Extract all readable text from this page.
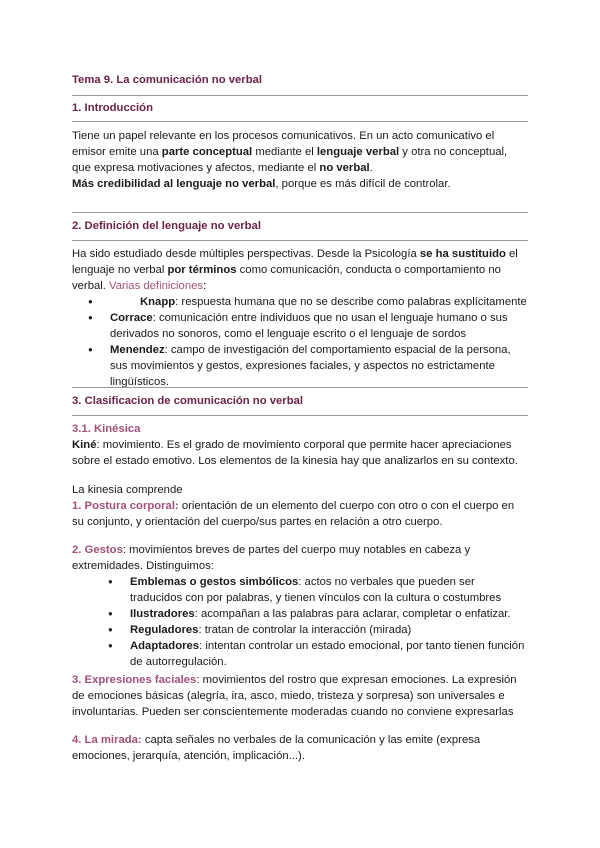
Tema 9. La comunicación no verbal
1. Introducción

Tiene un papel relevante en los procesos comunicativos. En un acto comunicativo el emisor emite una parte conceptual mediante el lenguaje verbal y otra no conceptual, que expresa motivaciones y afectos, mediante el no verbal.

Más credibilidad al lenguaje no verbal, porque es más difícil de controlar.

2. Definición del lenguaje no verbal

Ha sido estudiado desde múltiples perspectivas. Desde la Psicología se ha sustituido el lenguaje no verbal por términos como comunicación, conducta o comportamiento no verbal. Varias definiciones:

● Knapp: respuesta humana que no se describe como palabras explícitamente
● Corrace: comunicación entre individuos que no usan el lenguaje humano o sus derivados no sonoros, como el lenguaje escrito o el lenguaje de sordos
● Menendez: campo de investigación del comportamiento espacial de la persona, sus movimientos y gestos, expresiones faciales, y aspectos no estrictamente lingüísticos.
3. Clasificacion de comunicación no verbal

3.1. Kinésica

Kiné: movimiento. Es el grado de movimiento corporal que permite hacer apreciaciones sobre el estado emotivo. Los elementos de la kinesia hay que analizarlos en su contexto.

La kinesia comprende

1. Postura corporal: orientación de un elemento del cuerpo con otro o con el cuerpo en su conjunto, y orientación del cuerpo/sus partes en relación a otro cuerpo.

2. Gestos: movimientos breves de partes del cuerpo muy notables en cabeza y extremidades. Distinguimos:

● Emblemas o gestos simbólicos: actos no verbales que pueden ser traducidos con por palabras, y tienen vínculos con la cultura o costumbres
● Ilustradores: acompañan a las palabras para aclarar, completar o enfatizar.
● Reguladores: tratan de controlar la interacción (mirada)
● Adaptadores: intentan controlar un estado emocional, por tanto tienen función de autorregulación.

3. Expresiones faciales: movimientos del rostro que expresan emociones. La expresión de emociones básicas (alegría, ira, asco, miedo, tristeza y sorpresa) son universales e involuntarias. Pueden ser conscientemente moderadas cuando no conviene expresarlas

4. La mirada: capta señales no verbales de la comunicación y las emite (expresa emociones, jerarquía, atención, implicación...).
